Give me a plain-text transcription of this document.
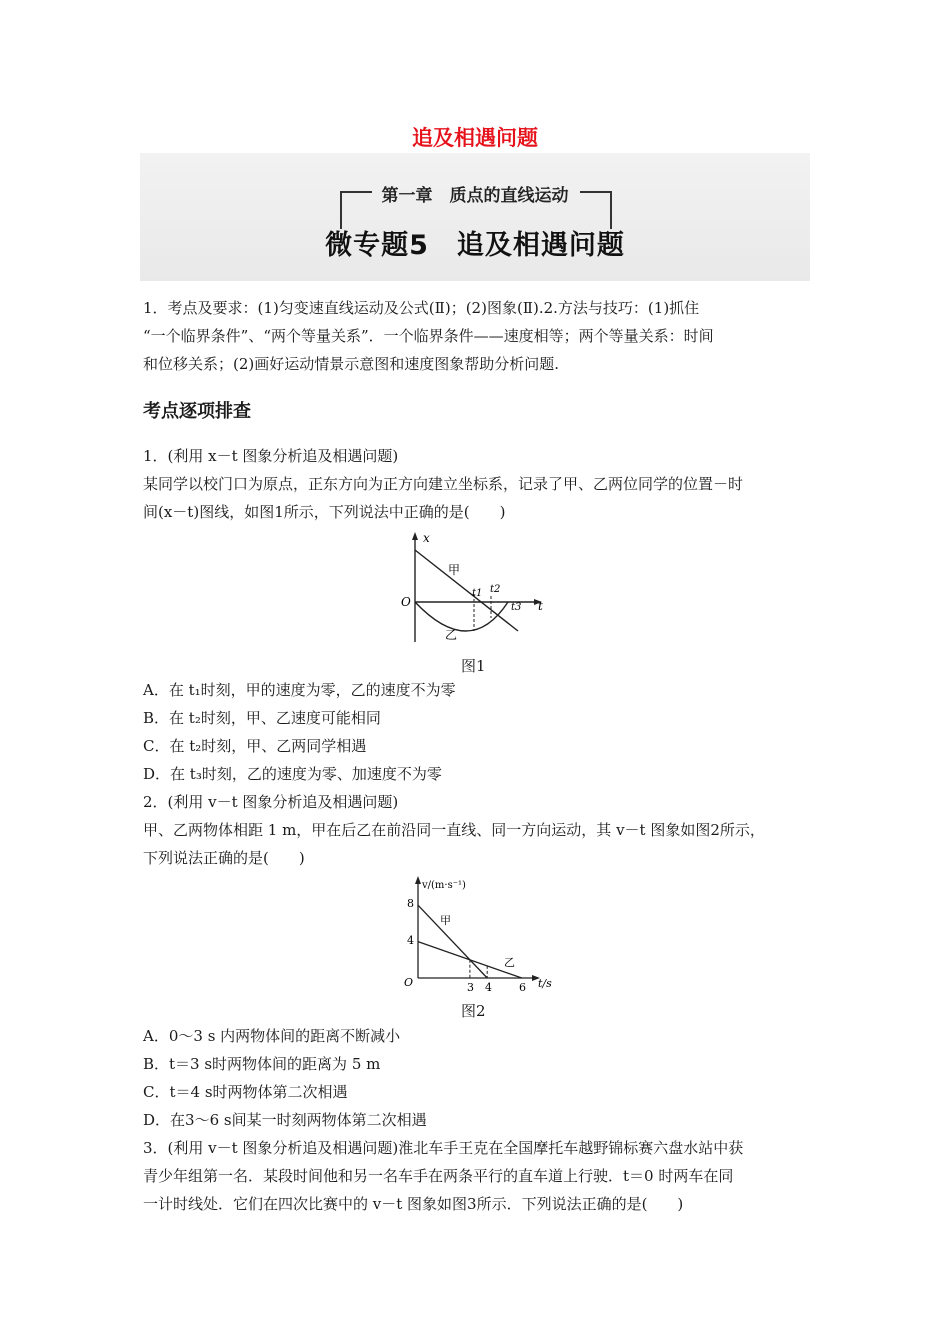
追及相遇问题
第一章　质点的直线运动
微专题5　追及相遇问题
1．考点及要求：(1)匀变速直线运动及公式(Ⅱ)；(2)图象(Ⅱ).2.方法与技巧：(1)抓住
“一个临界条件”、“两个等量关系”．一个临界条件——速度相等；两个等量关系：时间
和位移关系；(2)画好运动情景示意图和速度图象帮助分析问题.
考点逐项排查
1．(利用 x－t 图象分析追及相遇问题)
某同学以校门口为原点，正东方向为正方向建立坐标系，记录了甲、乙两位同学的位置－时
间(x－t)图线，如图1所示，下列说法中正确的是(　　)
x
t
O
甲
乙
t1 t2
t3
图1
A．在 t₁时刻，甲的速度为零，乙的速度不为零
B．在 t₂时刻，甲、乙速度可能相同
C．在 t₂时刻，甲、乙两同学相遇
D．在 t₃时刻，乙的速度为零、加速度不为零
2．(利用 v－t 图象分析追及相遇问题)
甲、乙两物体相距 1 m，甲在后乙在前沿同一直线、同一方向运动，其 v－t 图象如图2所示，
下列说法正确的是(　　)
v/(m·s⁻¹)
t/s
O
8
4
3 4 6
甲
乙
图2
A．0～3 s 内两物体间的距离不断减小
B．t＝3 s时两物体间的距离为 5 m
C．t＝4 s时两物体第二次相遇
D．在3～6 s间某一时刻两物体第二次相遇
3．(利用 v－t 图象分析追及相遇问题)淮北车手王克在全国摩托车越野锦标赛六盘水站中获
青少年组第一名．某段时间他和另一名车手在两条平行的直车道上行驶．t＝0 时两车在同
一计时线处．它们在四次比赛中的 v－t 图象如图3所示．下列说法正确的是(　　)
